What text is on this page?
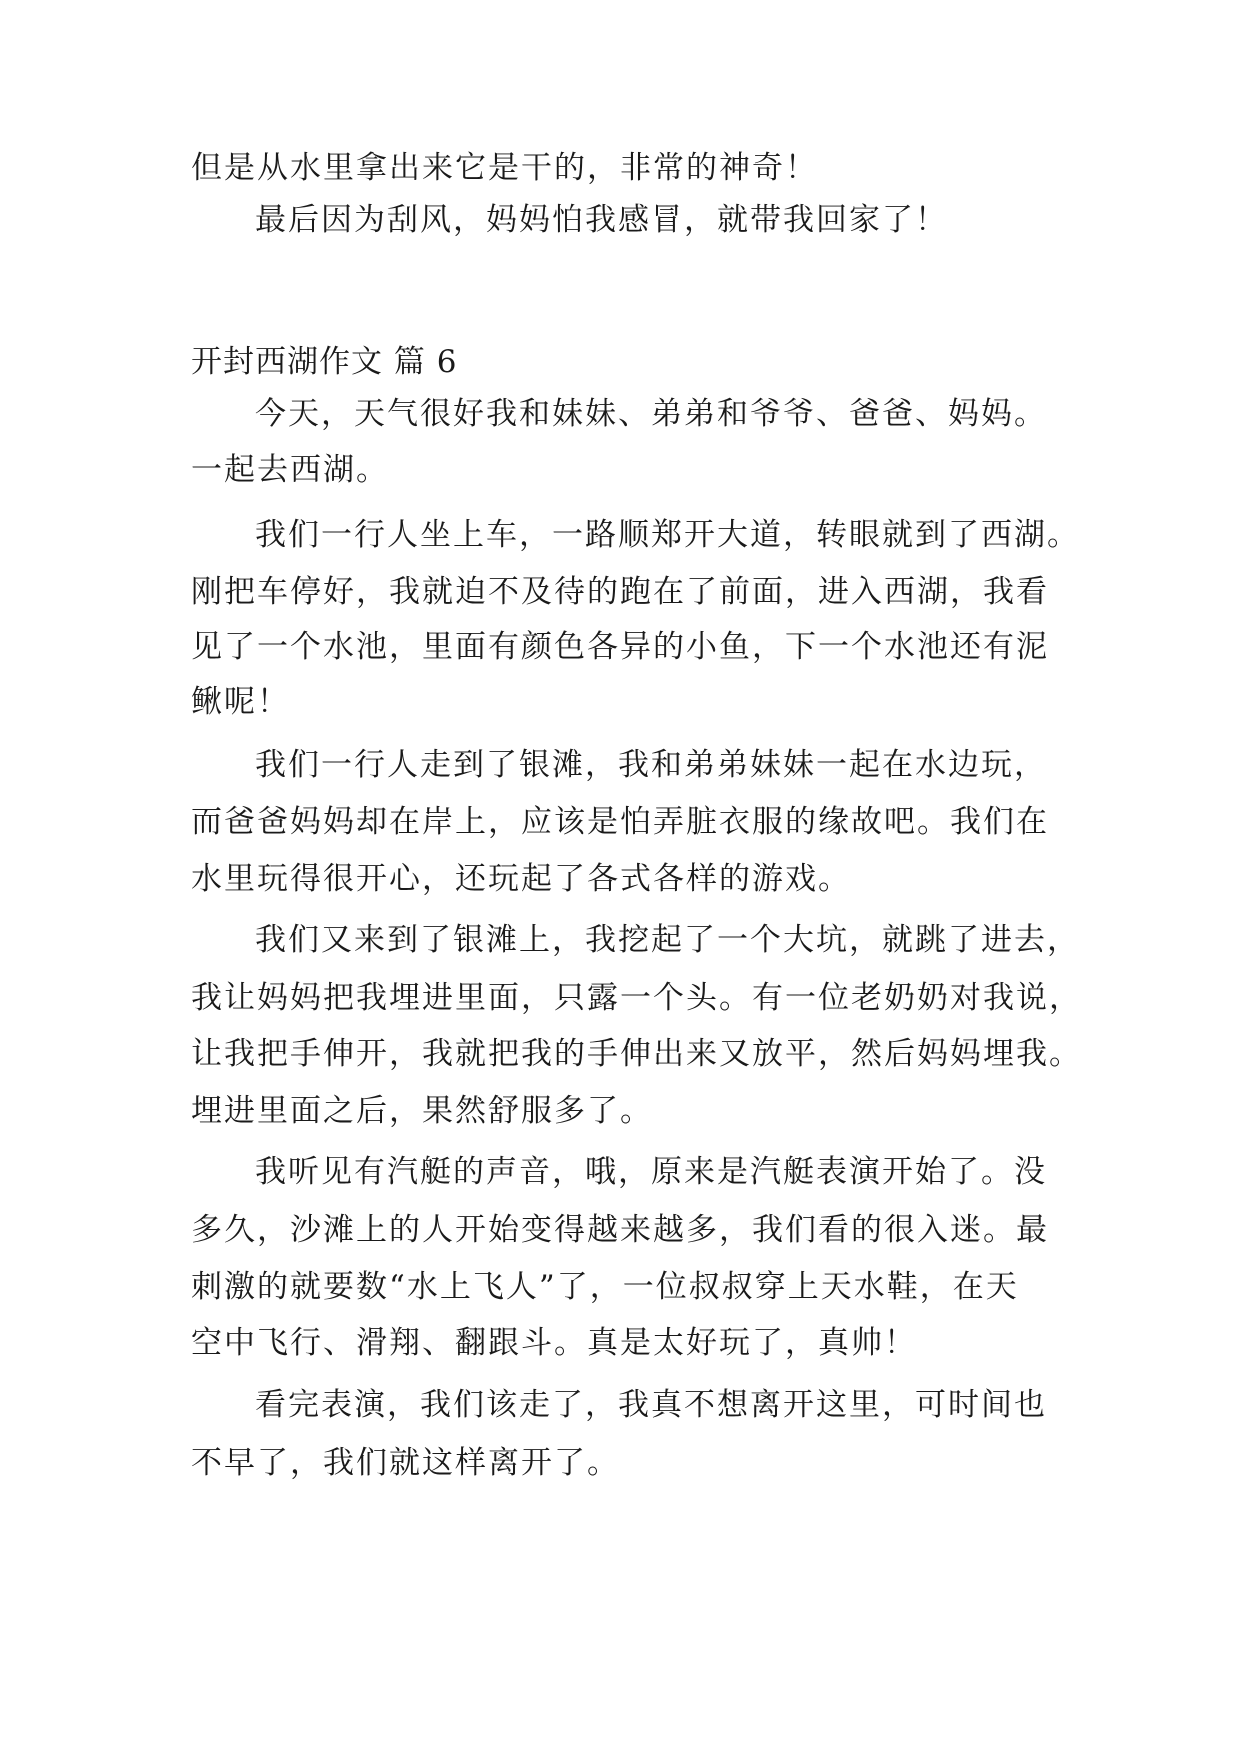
但是从水里拿出来它是干的，非常的神奇！
最后因为刮风，妈妈怕我感冒，就带我回家了！
开封西湖作文 篇 6
今天，天气很好我和妹妹、弟弟和爷爷、爸爸、妈妈。
一起去西湖。
我们一行人坐上车，一路顺郑开大道，转眼就到了西湖。
刚把车停好，我就迫不及待的跑在了前面，进入西湖，我看
见了一个水池，里面有颜色各异的小鱼，下一个水池还有泥
鳅呢！
我们一行人走到了银滩，我和弟弟妹妹一起在水边玩，
而爸爸妈妈却在岸上，应该是怕弄脏衣服的缘故吧。我们在
水里玩得很开心，还玩起了各式各样的游戏。
我们又来到了银滩上，我挖起了一个大坑，就跳了进去，
我让妈妈把我埋进里面，只露一个头。有一位老奶奶对我说，
让我把手伸开，我就把我的手伸出来又放平，然后妈妈埋我。
埋进里面之后，果然舒服多了。
我听见有汽艇的声音，哦，原来是汽艇表演开始了。没
多久，沙滩上的人开始变得越来越多，我们看的很入迷。最
刺激的就要数“水上飞人”了，一位叔叔穿上天水鞋，在天
空中飞行、滑翔、翻跟斗。真是太好玩了，真帅！
看完表演，我们该走了，我真不想离开这里，可时间也
不早了，我们就这样离开了。
